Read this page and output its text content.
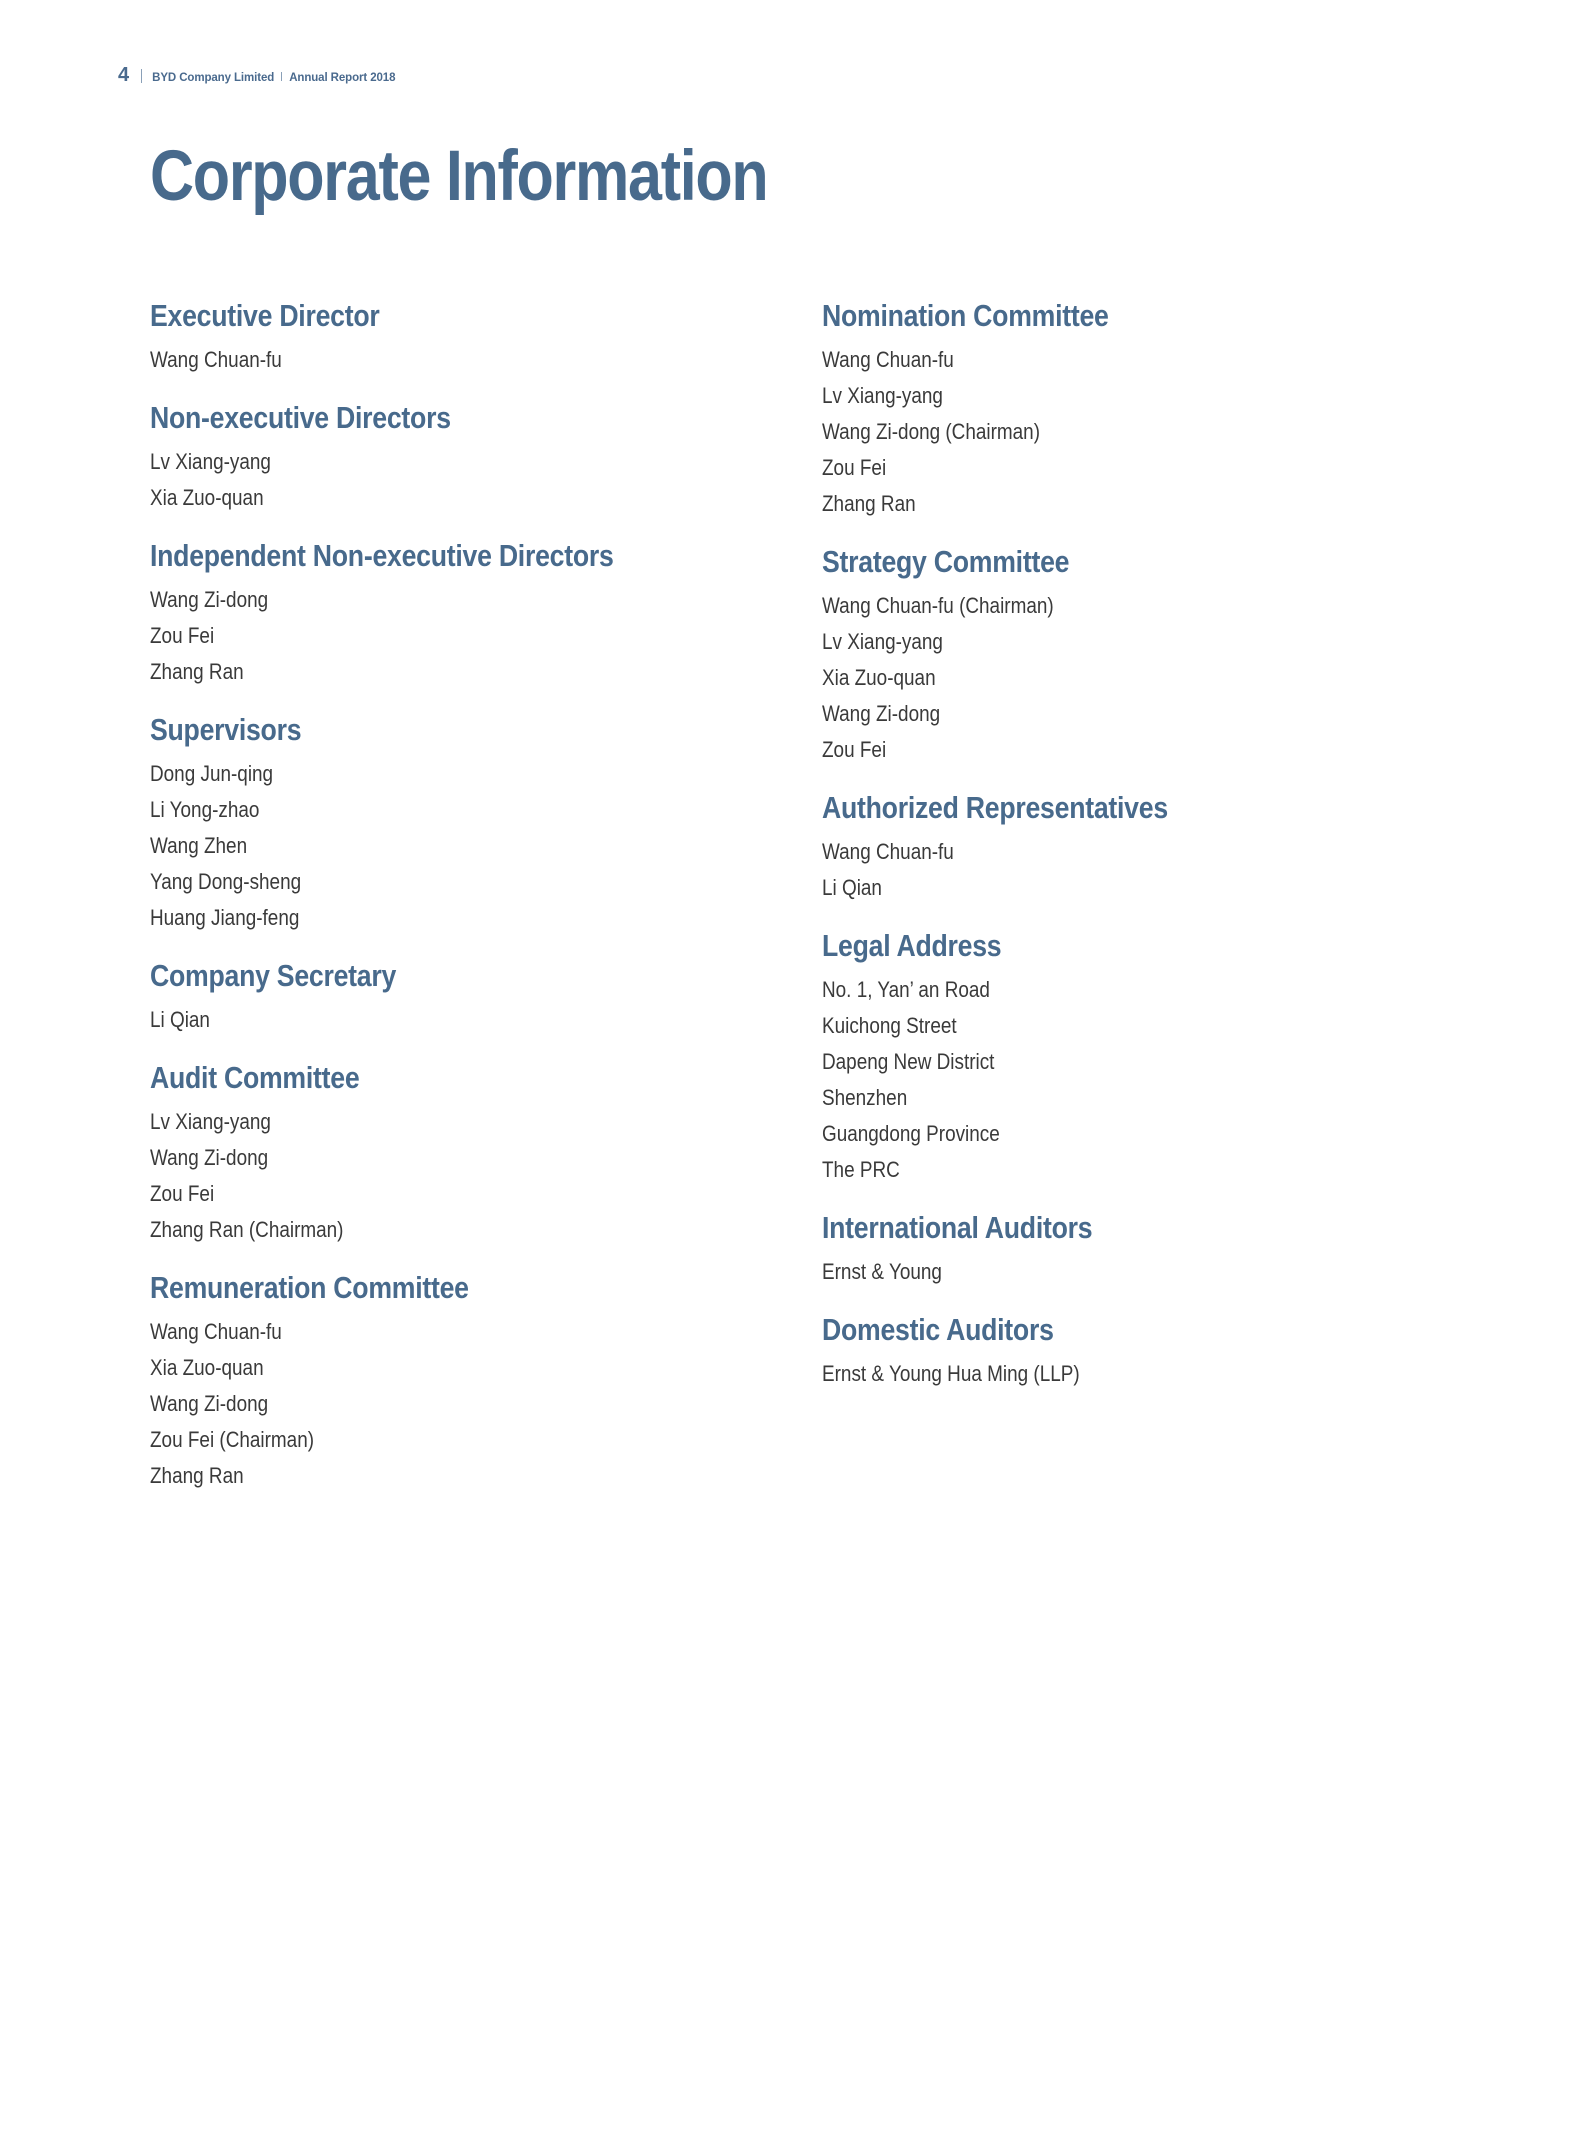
4 BYD Company Limited Annual Report 2018
Corporate Information
Executive Director
Wang Chuan-fu
Non-executive Directors
Lv Xiang-yang
Xia Zuo-quan
Independent Non-executive Directors
Wang Zi-dong
Zou Fei
Zhang Ran
Supervisors
Dong Jun-qing
Li Yong-zhao
Wang Zhen
Yang Dong-sheng
Huang Jiang-feng
Company Secretary
Li Qian
Audit Committee
Lv Xiang-yang
Wang Zi-dong
Zou Fei
Zhang Ran (Chairman)
Remuneration Committee
Wang Chuan-fu
Xia Zuo-quan
Wang Zi-dong
Zou Fei (Chairman)
Zhang Ran
Nomination Committee
Wang Chuan-fu
Lv Xiang-yang
Wang Zi-dong (Chairman)
Zou Fei
Zhang Ran
Strategy Committee
Wang Chuan-fu (Chairman)
Lv Xiang-yang
Xia Zuo-quan
Wang Zi-dong
Zou Fei
Authorized Representatives
Wang Chuan-fu
Li Qian
Legal Address
No. 1, Yan’ an Road
Kuichong Street
Dapeng New District
Shenzhen
Guangdong Province
The PRC
International Auditors
Ernst & Young
Domestic Auditors
Ernst & Young Hua Ming (LLP)
